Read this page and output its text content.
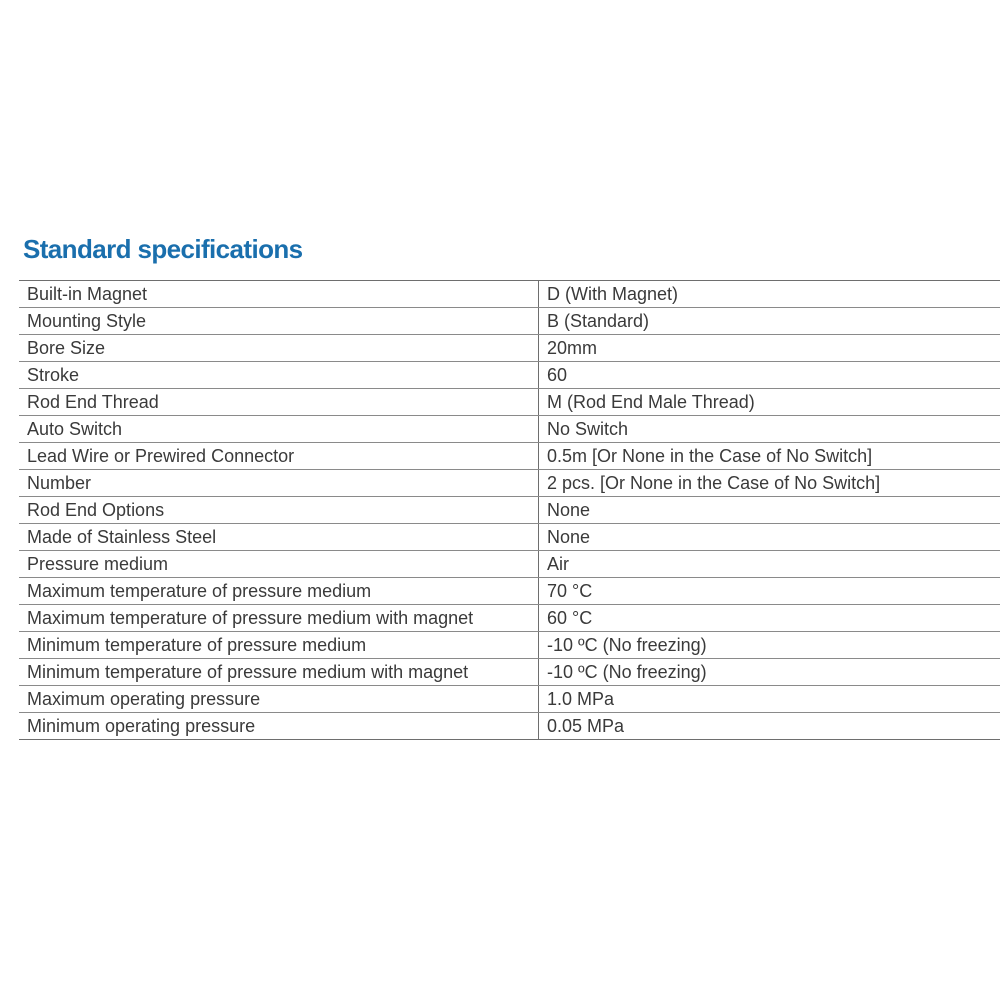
Standard specifications
Built-in Magnet	D (With Magnet)
Mounting Style	B (Standard)
Bore Size	20mm
Stroke	60
Rod End Thread	M (Rod End Male Thread)
Auto Switch	No Switch
Lead Wire or Prewired Connector	0.5m [Or None in the Case of No Switch]
Number	2 pcs. [Or None in the Case of No Switch]
Rod End Options	None
Made of Stainless Steel	None
Pressure medium	Air
Maximum temperature of pressure medium	70 °C
Maximum temperature of pressure medium with magnet	60 °C
Minimum temperature of pressure medium	-10 ºC (No freezing)
Minimum temperature of pressure medium with magnet	-10 ºC (No freezing)
Maximum operating pressure	1.0 MPa
Minimum operating pressure	0.05 MPa
